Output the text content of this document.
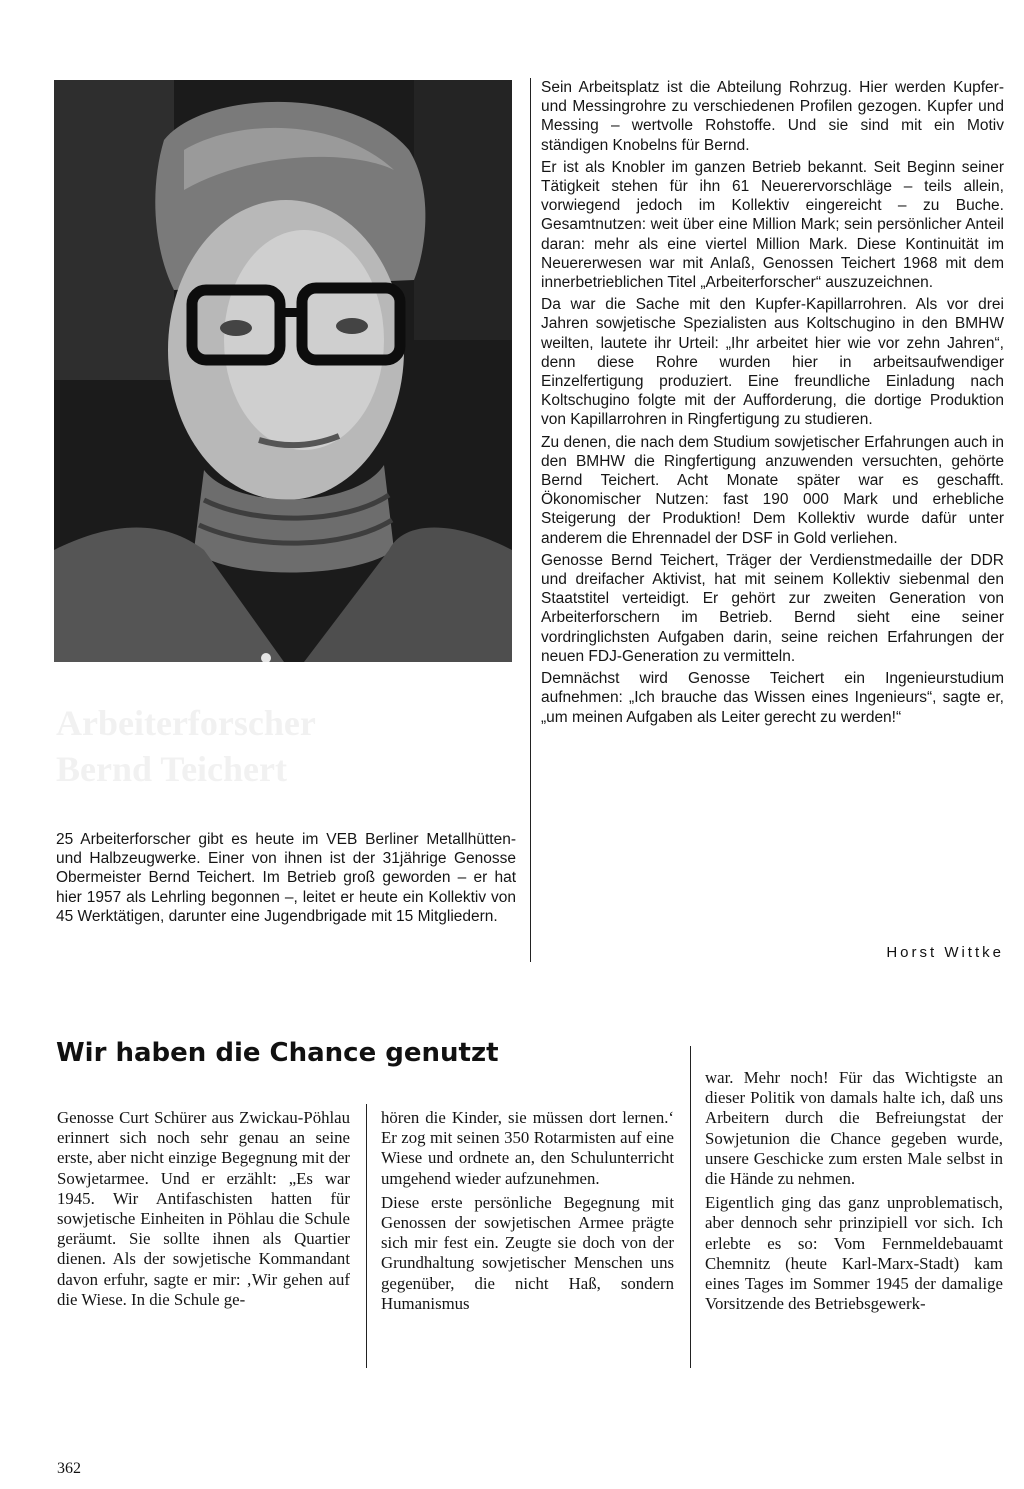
Arbeiterforscher
Bernd Teichert

25 Arbeiterforscher gibt es heute im VEB Berliner Metallhütten- und Halbzeugwerke. Einer von ihnen ist der 31jährige Genosse Obermeister Bernd Teichert. Im Betrieb groß geworden – er hat hier 1957 als Lehrling begonnen –, leitet er heute ein Kollektiv von 45 Werktätigen, darunter eine Jugendbrigade mit 15 Mitgliedern.

Sein Arbeitsplatz ist die Abteilung Rohrzug. Hier werden Kupfer- und Messingrohre zu verschiedenen Profilen gezogen. Kupfer und Messing – wertvolle Rohstoffe. Und sie sind mit ein Motiv ständigen Knobelns für Bernd.

Er ist als Knobler im ganzen Betrieb bekannt. Seit Beginn seiner Tätigkeit stehen für ihn 61 Neuerervorschläge – teils allein, vorwiegend jedoch im Kollektiv eingereicht – zu Buche. Gesamtnutzen: weit über eine Million Mark; sein persönlicher Anteil daran: mehr als eine viertel Million Mark. Diese Kontinuität im Neuererwesen war mit Anlaß, Genossen Teichert 1968 mit dem innerbetrieblichen Titel „Arbeiterforscher“ auszuzeichnen.

Da war die Sache mit den Kupfer-Kapillarrohren. Als vor drei Jahren sowjetische Spezialisten aus Koltschugino in den BMHW weilten, lautete ihr Urteil: „Ihr arbeitet hier wie vor zehn Jahren“, denn diese Rohre wurden hier in arbeitsaufwendiger Einzelfertigung produziert. Eine freundliche Einladung nach Koltschugino folgte mit der Aufforderung, die dortige Produktion von Kapillarrohren in Ringfertigung zu studieren.

Zu denen, die nach dem Studium sowjetischer Erfahrungen auch in den BMHW die Ringfertigung anzuwenden versuchten, gehörte Bernd Teichert. Acht Monate später war es geschafft. Ökonomischer Nutzen: fast 190 000 Mark und erhebliche Steigerung der Produktion! Dem Kollektiv wurde dafür unter anderem die Ehrennadel der DSF in Gold verliehen.

Genosse Bernd Teichert, Träger der Verdienstmedaille der DDR und dreifacher Aktivist, hat mit seinem Kollektiv siebenmal den Staatstitel verteidigt. Er gehört zur zweiten Generation von Arbeiterforschern im Betrieb. Bernd sieht eine seiner vordringlichsten Aufgaben darin, seine reichen Erfahrungen der neuen FDJ-Generation zu vermitteln.

Demnächst wird Genosse Teichert ein Ingenieurstudium aufnehmen: „Ich brauche das Wissen eines Ingenieurs“, sagte er, „um meinen Aufgaben als Leiter gerecht zu werden!“

Horst Wittke
Wir haben die Chance genutzt

Genosse Curt Schürer aus Zwickau-Pöhlau erinnert sich noch sehr genau an seine erste, aber nicht einzige Begegnung mit der Sowjetarmee. Und er erzählt: „Es war 1945. Wir Antifaschisten hatten für sowjetische Einheiten in Pöhlau die Schule geräumt. Sie sollte ihnen als Quartier dienen. Als der sowjetische Kommandant davon erfuhr, sagte er mir: ‚Wir gehen auf die Wiese. In die Schule ge-

hören die Kinder, sie müssen dort lernen.‘ Er zog mit seinen 350 Rotarmisten auf eine Wiese und ordnete an, den Schulunterricht umgehend wieder aufzunehmen.

Diese erste persönliche Begegnung mit Genossen der sowjetischen Armee prägte sich mir fest ein. Zeugte sie doch von der Grundhaltung sowjetischer Menschen uns gegenüber, die nicht Haß, sondern Humanismus

war. Mehr noch! Für das Wichtigste an dieser Politik von damals halte ich, daß uns Arbeitern durch die Befreiungstat der Sowjetunion die Chance gegeben wurde, unsere Geschicke zum ersten Male selbst in die Hände zu nehmen.

Eigentlich ging das ganz unproblematisch, aber dennoch sehr prinzipiell vor sich. Ich erlebte es so: Vom Fernmeldebauamt Chemnitz (heute Karl-Marx-Stadt) kam eines Tages im Sommer 1945 der damalige Vorsitzende des Betriebsgewerk-

362
